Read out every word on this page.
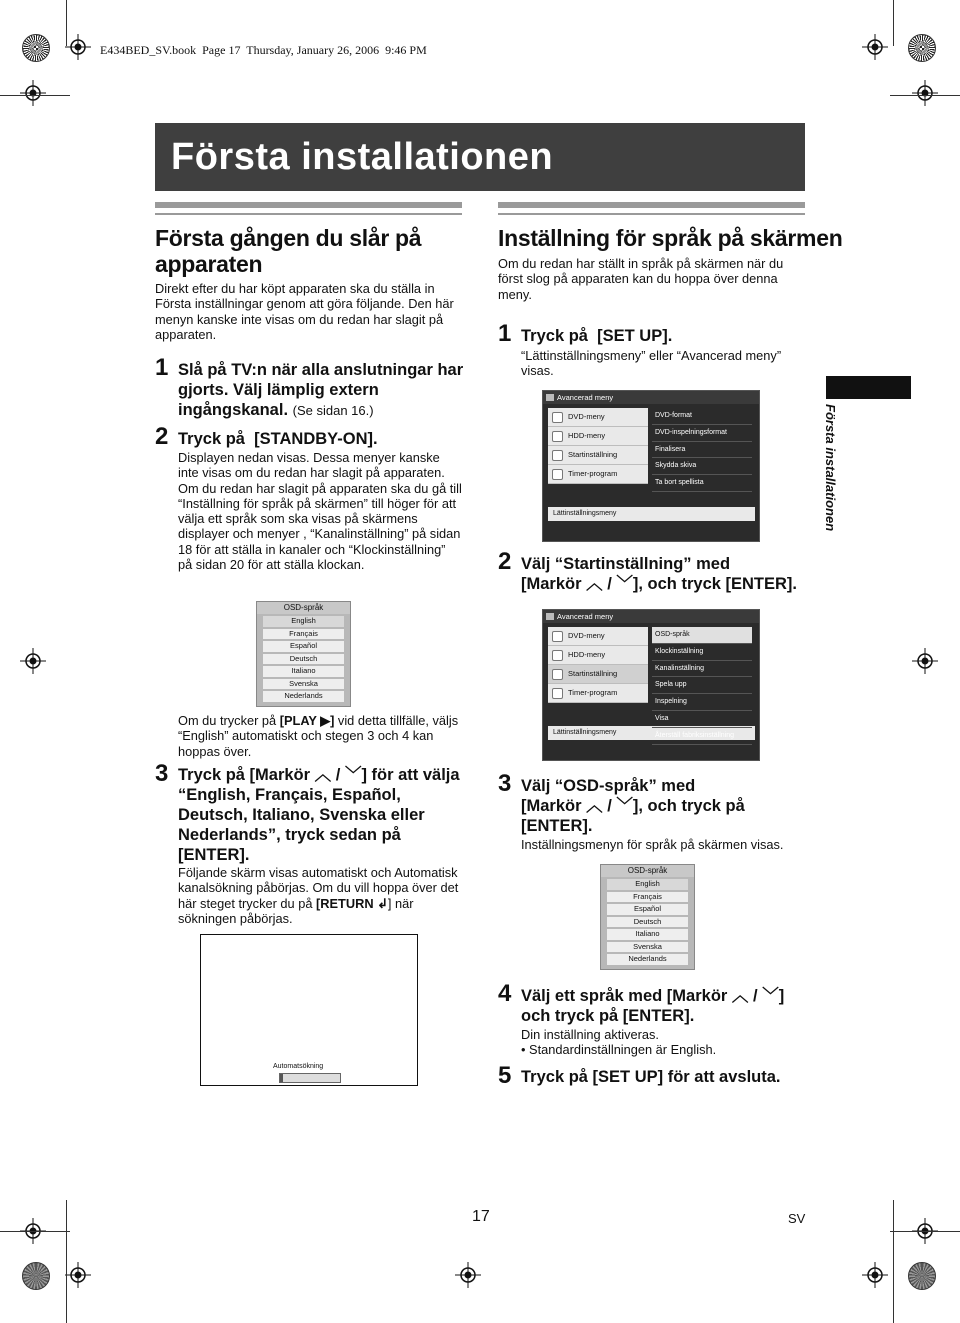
E434BED_SV.book  Page 17  Thursday, January 26, 2006  9:46 PM
Första installationen
Första installationen
Första gången du slår på apparaten
Direkt efter du har köpt apparaten ska du ställa in Första inställningar genom att göra följande. Den här menyn kanske inte visas om du redan har slagit på apparaten.
1 Slå på TV:n när alla anslutningar har gjorts. Välj lämplig extern ingångskanal. (Se sidan 16.)
2 Tryck på  [STANDBY-ON].
Displayen nedan visas. Dessa menyer kanske inte visas om du redan har slagit på apparaten. Om du redan har slagit på apparaten ska du gå till “Inställning för språk på skärmen” till höger för att välja ett språk som ska visas på skärmens displayer och menyer , “Kanalinställning” på sidan 18 för att ställa in kanaler och “Klockinställning” på sidan 20 för att ställa klockan.
OSD-språk
English
Français
Español
Deutsch
Italiano
Svenska
Nederlands
Om du trycker på [PLAY ▶] vid detta tillfälle, väljs “English” automatiskt och stegen 3 och 4 kan hoppas över.
3 Tryck på [Markör ︿ / ﹀] för att välja “English, Français, Español, Deutsch, Italiano, Svenska eller Nederlands”, tryck sedan på [ENTER].
Följande skärm visas automatiskt och Automatisk kanalsökning påbörjas. Om du vill hoppa över det här steget trycker du på [RETURN ↲] när sökningen påbörjas.
Automatsökning
Inställning för språk på skärmen
Om du redan har ställt in språk på skärmen när du först slog på apparaten kan du hoppa över denna meny.
1 Tryck på  [SET UP].
“Lättinställningsmeny” eller “Avancerad meny” visas.
Avancerad meny
DVD-meny
HDD-meny
Startinställning
Timer-program
Lättinställningsmeny
DVD-format
DVD-inspelningsformat
Finalisera
Skydda skiva
Ta bort spellista
2 Välj “Startinställning” med
[Markör ︿ / ﹀], och tryck [ENTER].
Avancerad meny
DVD-meny
HDD-meny
Startinställning
Timer-program
Lättinställningsmeny
OSD-språk
Klockinställning
Kanalinställning
Spela upp
Inspelning
Visa
Återställ fabriksinställning
3 Välj “OSD-språk” med
[Markör ︿ / ﹀], och tryck på
[ENTER].
Inställningsmenyn för språk på skärmen visas.
OSD-språk
English
Français
Español
Deutsch
Italiano
Svenska
Nederlands
4 Välj ett språk med [Markör ︿ / ﹀]
och tryck på [ENTER].
Din inställning aktiveras.
• Standardinställningen är English.
5 Tryck på [SET UP] för att avsluta.
17	SV
